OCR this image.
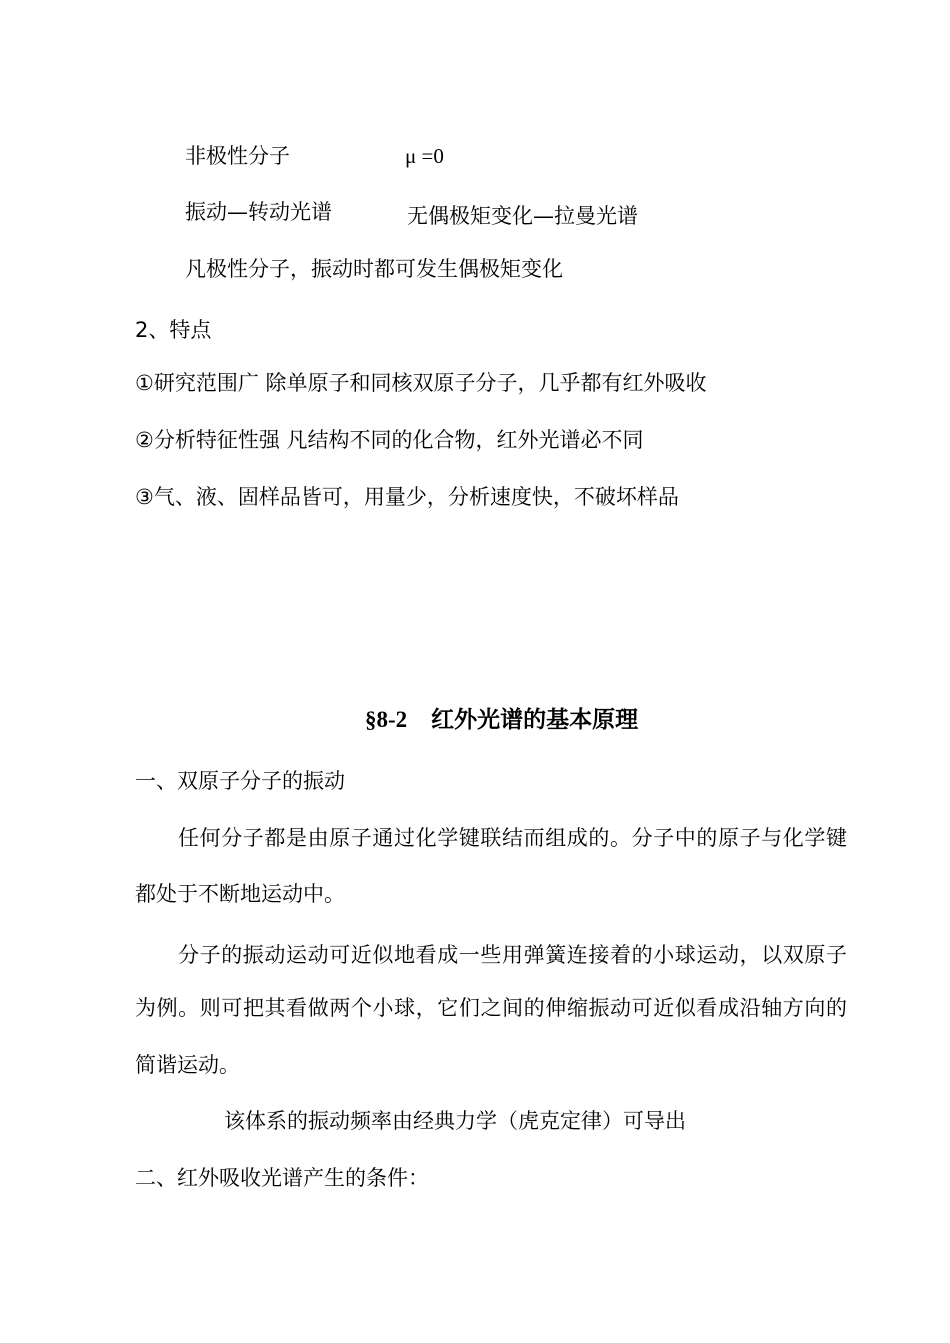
非极性分子	μ =0
振动—转动光谱	无偶极矩变化—拉曼光谱
凡极性分子，振动时都可发生偶极矩变化
2、特点
①研究范围广 除单原子和同核双原子分子，几乎都有红外吸收
②分析特征性强 凡结构不同的化合物，红外光谱必不同
③气、液、固样品皆可，用量少，分析速度快，不破坏样品
§8-2 红外光谱的基本原理
一、双原子分子的振动
任何分子都是由原子通过化学键联结而组成的。分子中的原子与化学键
都处于不断地运动中。
分子的振动运动可近似地看成一些用弹簧连接着的小球运动，以双原子
为例。则可把其看做两个小球，它们之间的伸缩振动可近似看成沿轴方向的
简谐运动。
该体系的振动频率由经典力学（虎克定律）可导出
二、红外吸收光谱产生的条件：
